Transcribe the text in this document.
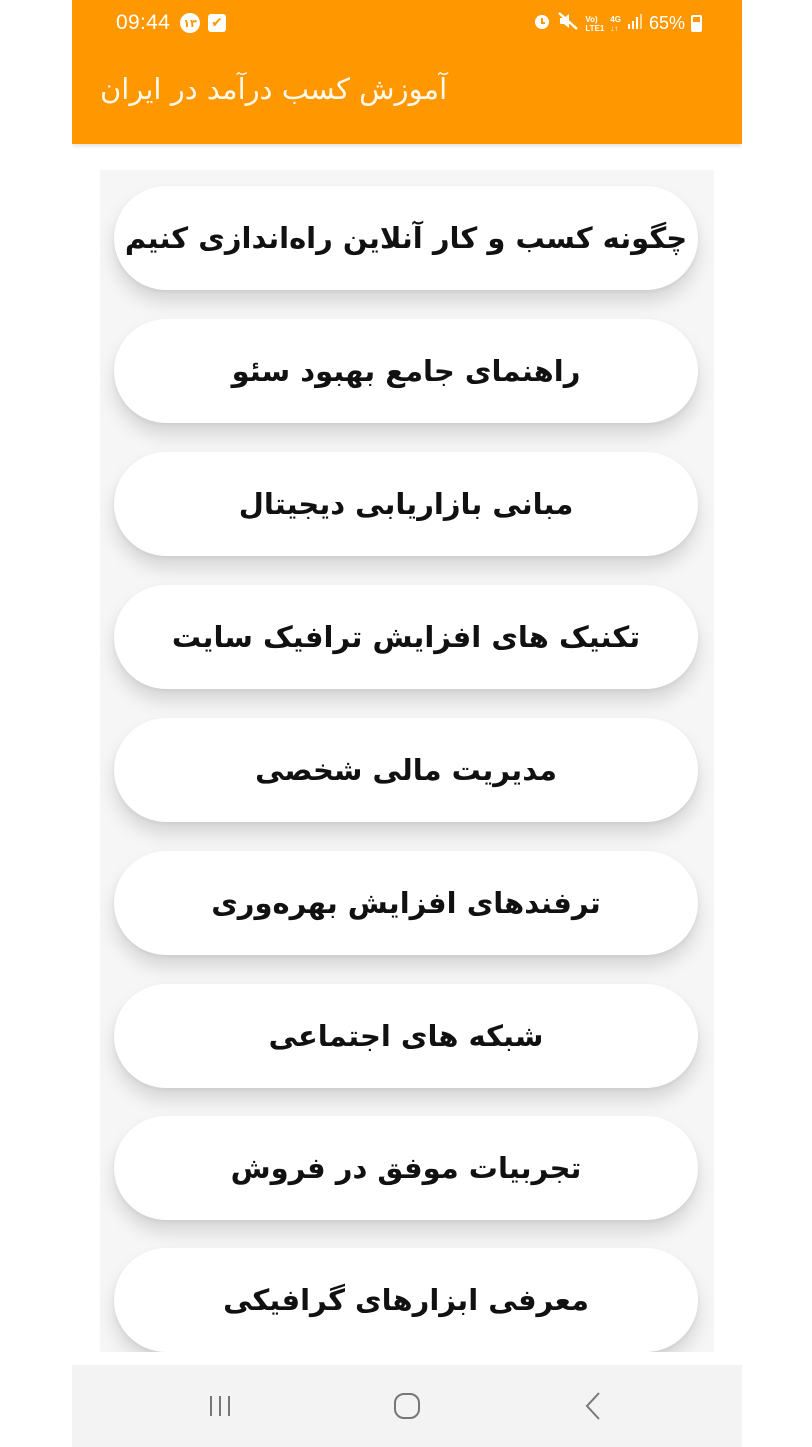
09:44 ۱۳ ✔	Vo)
LTE1
4G
↓↑ 65%
آموزش کسب درآمد در ایران
چگونه کسب و کار آنلاین راه‌اندازی کنیم
راهنمای جامع بهبود سئو
مبانی بازاریابی دیجیتال
تکنیک های افزایش ترافیک سایت
مدیریت مالی شخصی
ترفندهای افزایش بهره‌وری
شبکه های اجتماعی
تجربیات موفق در فروش
معرفی ابزارهای گرافیکی
